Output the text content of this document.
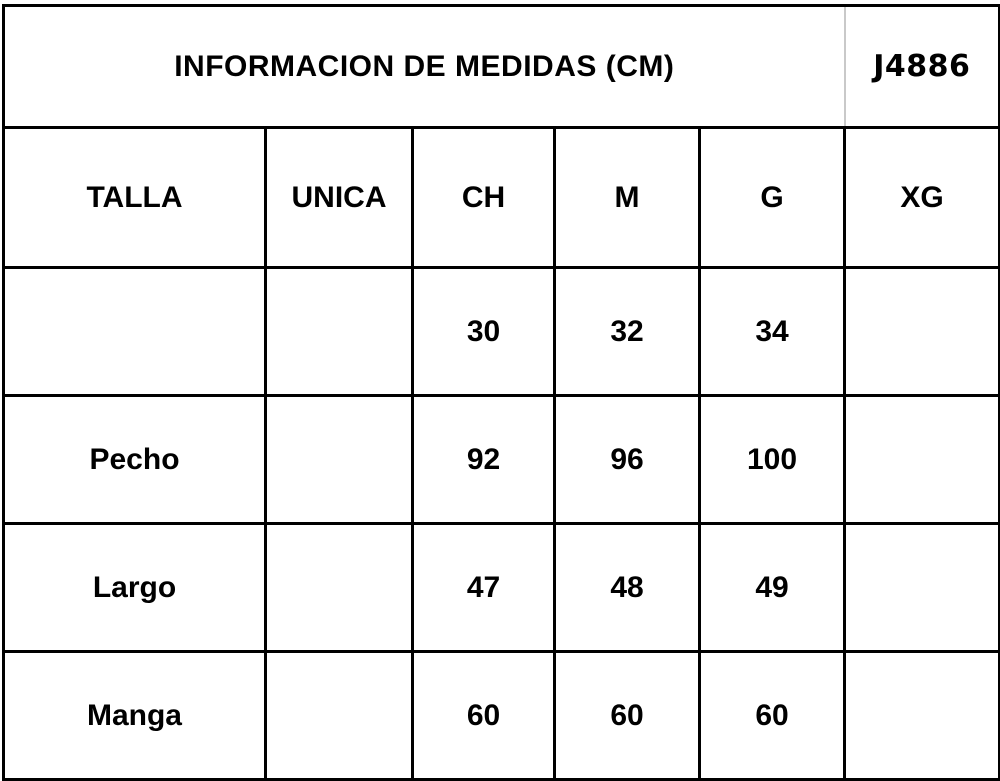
INFORMACION DE MEDIDAS (CM)					J4886
TALLA	UNICA	CH	M	G	XG
		30	32	34	
Pecho		92	96	100	
Largo		47	48	49	
Manga		60	60	60	
